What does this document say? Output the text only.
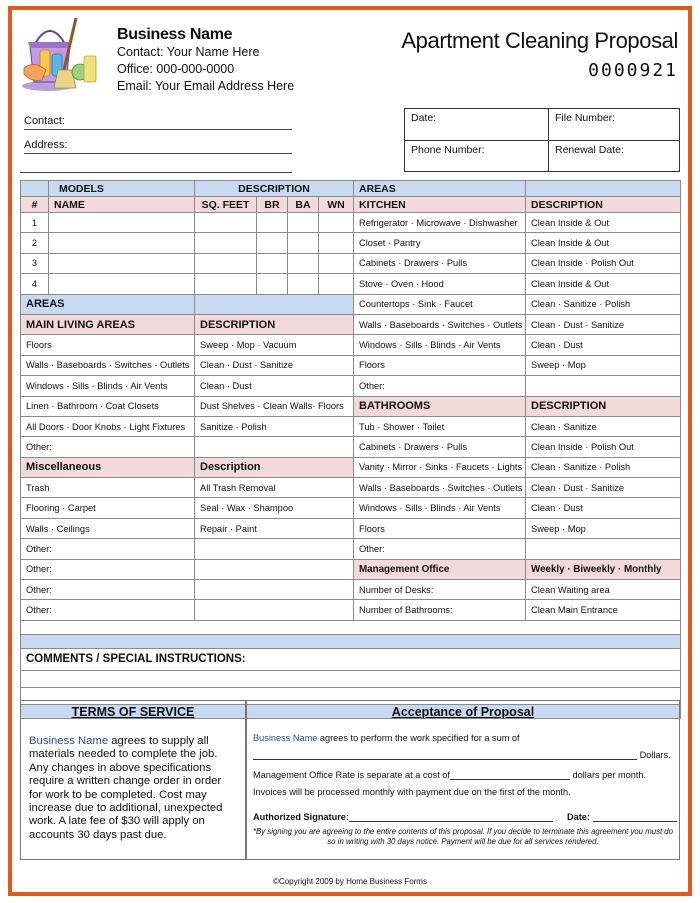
Business Name
Contact: Your Name Here
Office: 000-000-0000
Email: Your Email Address Here
Apartment Cleaning Proposal
0000921
Contact:
Address:
Date:	File Number:
Phone Number:	Renewal Date:
	MODELS	DESCRIPTION				AREAS	
#	NAME	SQ. FEET	BR	BA	WN	KITCHEN	DESCRIPTION
1						Refrigerator · Microwave · Dishwasher	Clean Inside & Out
2						Closet · Pantry	Clean Inside & Out
3						Cabinets · Drawers · Pulls	Clean Inside · Polish Out
4						Stove · Oven · Hood	Clean Inside & Out
AREAS						Countertops · Sink · Faucet	Clean · Sanitize · Polish
MAIN LIVING AREAS		DESCRIPTION				Walls · Baseboards · Switches · Outlets	Clean · Dust · Sanitize
Floors		Sweep · Mop · Vacuum				Windows · Sills · Blinds · Air Vents	Clean · Dust
Walls · Baseboards · Switches · Outlets		Clean · Dust · Sanitize				Floors	Sweep · Mop
Windows · Sills · Blinds · Air Vents		Clean · Dust				Other:	
Linen · Bathroom · Coat Closets		Dust Shelves · Clean Walls· Floors				BATHROOMS	DESCRIPTION
All Doors · Door Knobs · Light Fixtures		Sanitize · Polish				Tub · Shower · Toilet	Clean · Sanitize
Other:						Cabinets · Drawers · Pulls	Clean Inside · Polish Out
Miscellaneous		Description				Vanity · Mirror · Sinks · Faucets · Lights	Clean · Sanitize · Polish
Trash		All Trash Removal				Walls · Baseboards · Switches · Outlets	Clean · Dust · Sanitize
Flooring · Carpet		Seal · Wax · Shampoo				Windows · Sills · Blinds · Air Vents	Clean · Dust
Walls · Ceilings		Repair · Paint				Floors	Sweep · Mop
Other:						Other:	
Other:						Management Office	Weekly · Biweekly · Monthly
Other:						Number of Desks:	Clean Waiting area
Other:						Number of Bathrooms:	Clean Main Entrance

COMMENTS / SPECIAL INSTRUCTIONS:							

TERMS OF SERVICE

Business Name agrees to supply all materials needed to complete the job. Any changes in above specifications require a written change order in order for work to be completed. Cost may increase due to additional, unexpected work. A late fee of $30 will apply on accounts 30 days past due.

Acceptance of Proposal
Business Name agrees to perform the work specified for a sum of
Dollars.
Management Office Rate is separate at a cost of	dollars per month.
Invoices will be processed monthly with payment due on the first of the month.
Authorized Signature:	Date:
*By signing you are agreeing to the entire contents of this proposal. If you decide to terminate this agreement you must do so in writing with 30 days notice. Payment will be due for all services rendered.
©Copyright 2009 by Home Business Forms
